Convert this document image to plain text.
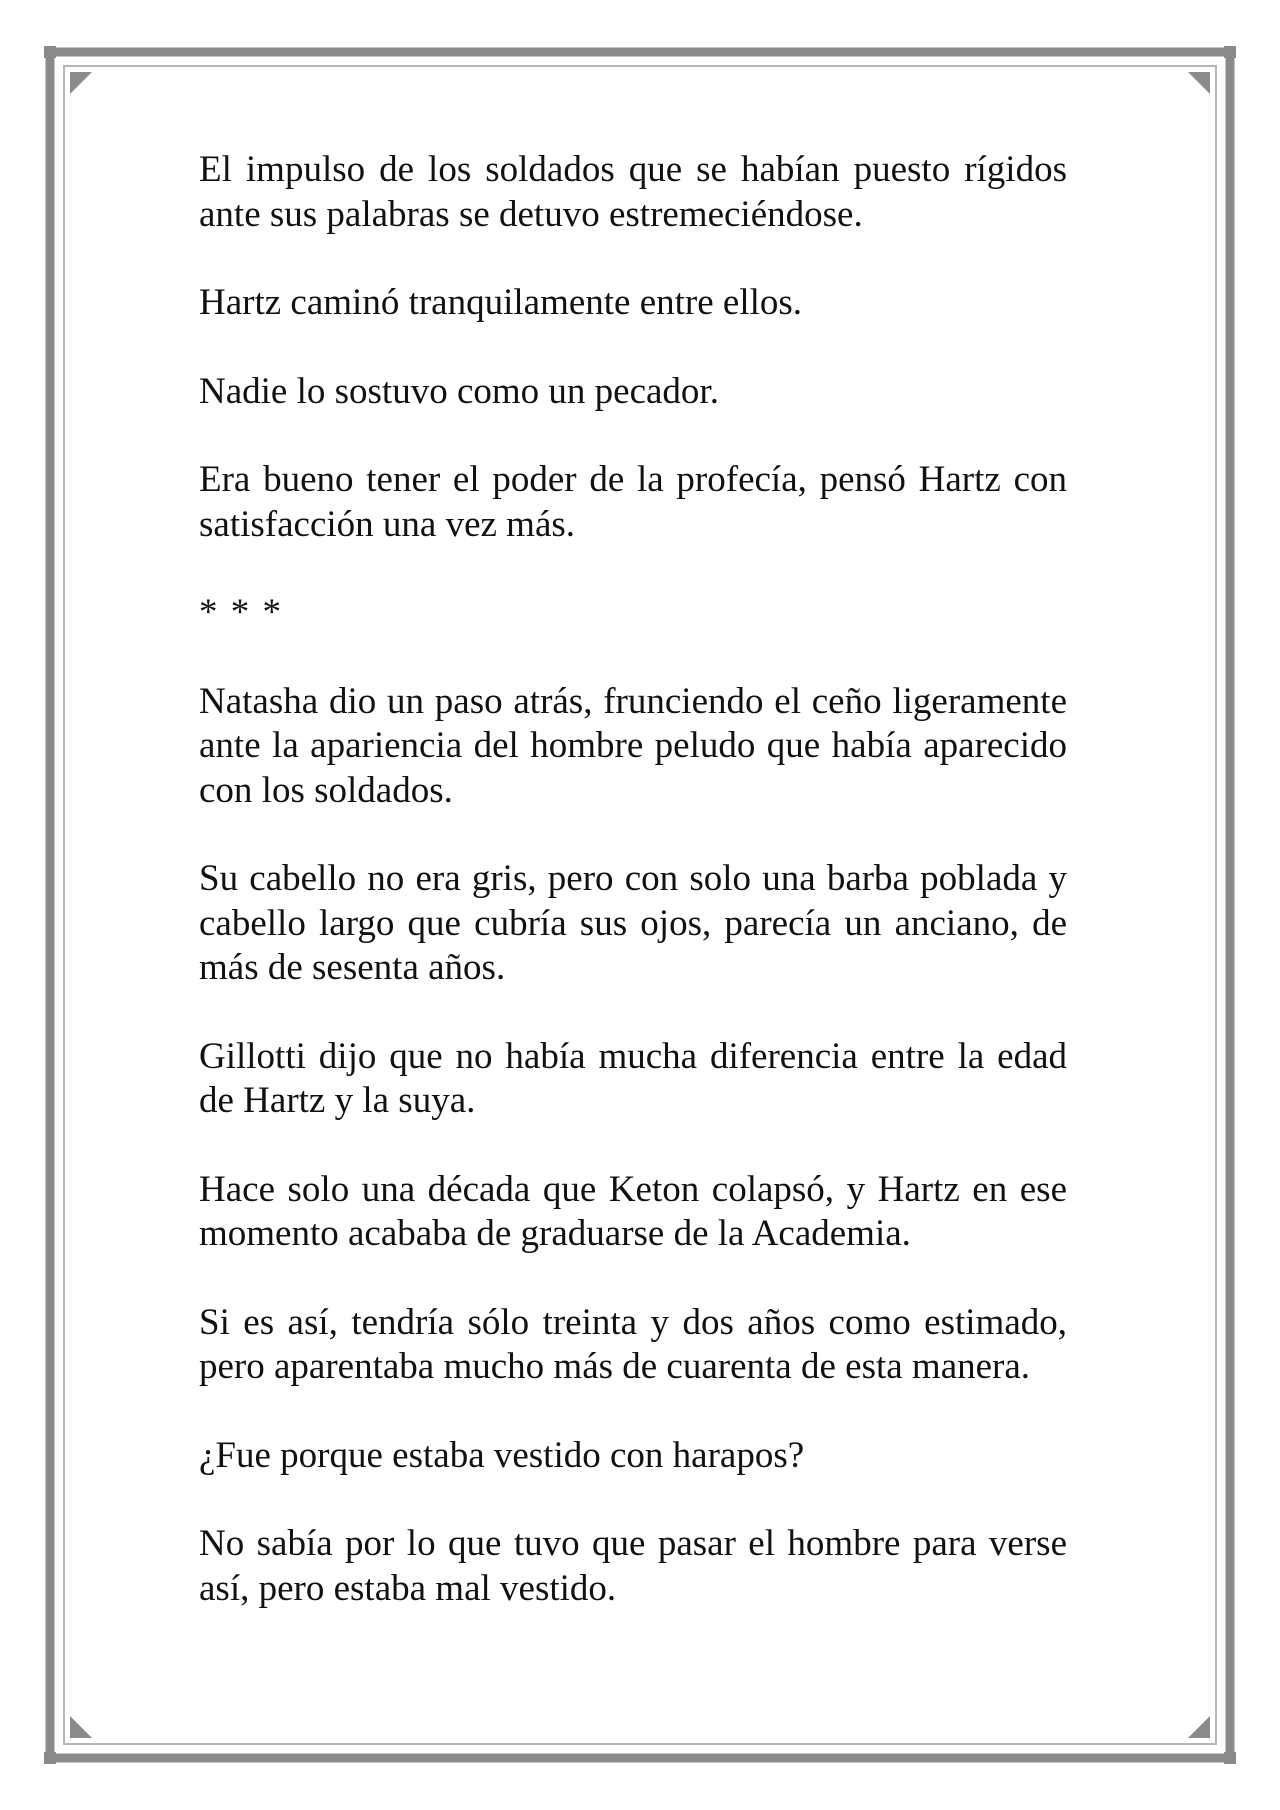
El impulso de los soldados que se habían puesto rígidos ante sus palabras se detuvo estremeciéndose.

Hartz caminó tranquilamente entre ellos.

Nadie lo sostuvo como un pecador.

Era bueno tener el poder de la profecía, pensó Hartz con satisfacción una vez más.

* * *

Natasha dio un paso atrás, frunciendo el ceño ligeramente ante la apariencia del hombre peludo que había aparecido con los soldados.

Su cabello no era gris, pero con solo una barba poblada y cabello largo que cubría sus ojos, parecía un anciano, de más de sesenta años.

Gillotti dijo que no había mucha diferencia entre la edad de Hartz y la suya.

Hace solo una década que Keton colapsó, y Hartz en ese momento acababa de graduarse de la Academia.

Si es así, tendría sólo treinta y dos años como estimado, pero aparentaba mucho más de cuarenta de esta manera.

¿Fue porque estaba vestido con harapos?

No sabía por lo que tuvo que pasar el hombre para verse así, pero estaba mal vestido.
